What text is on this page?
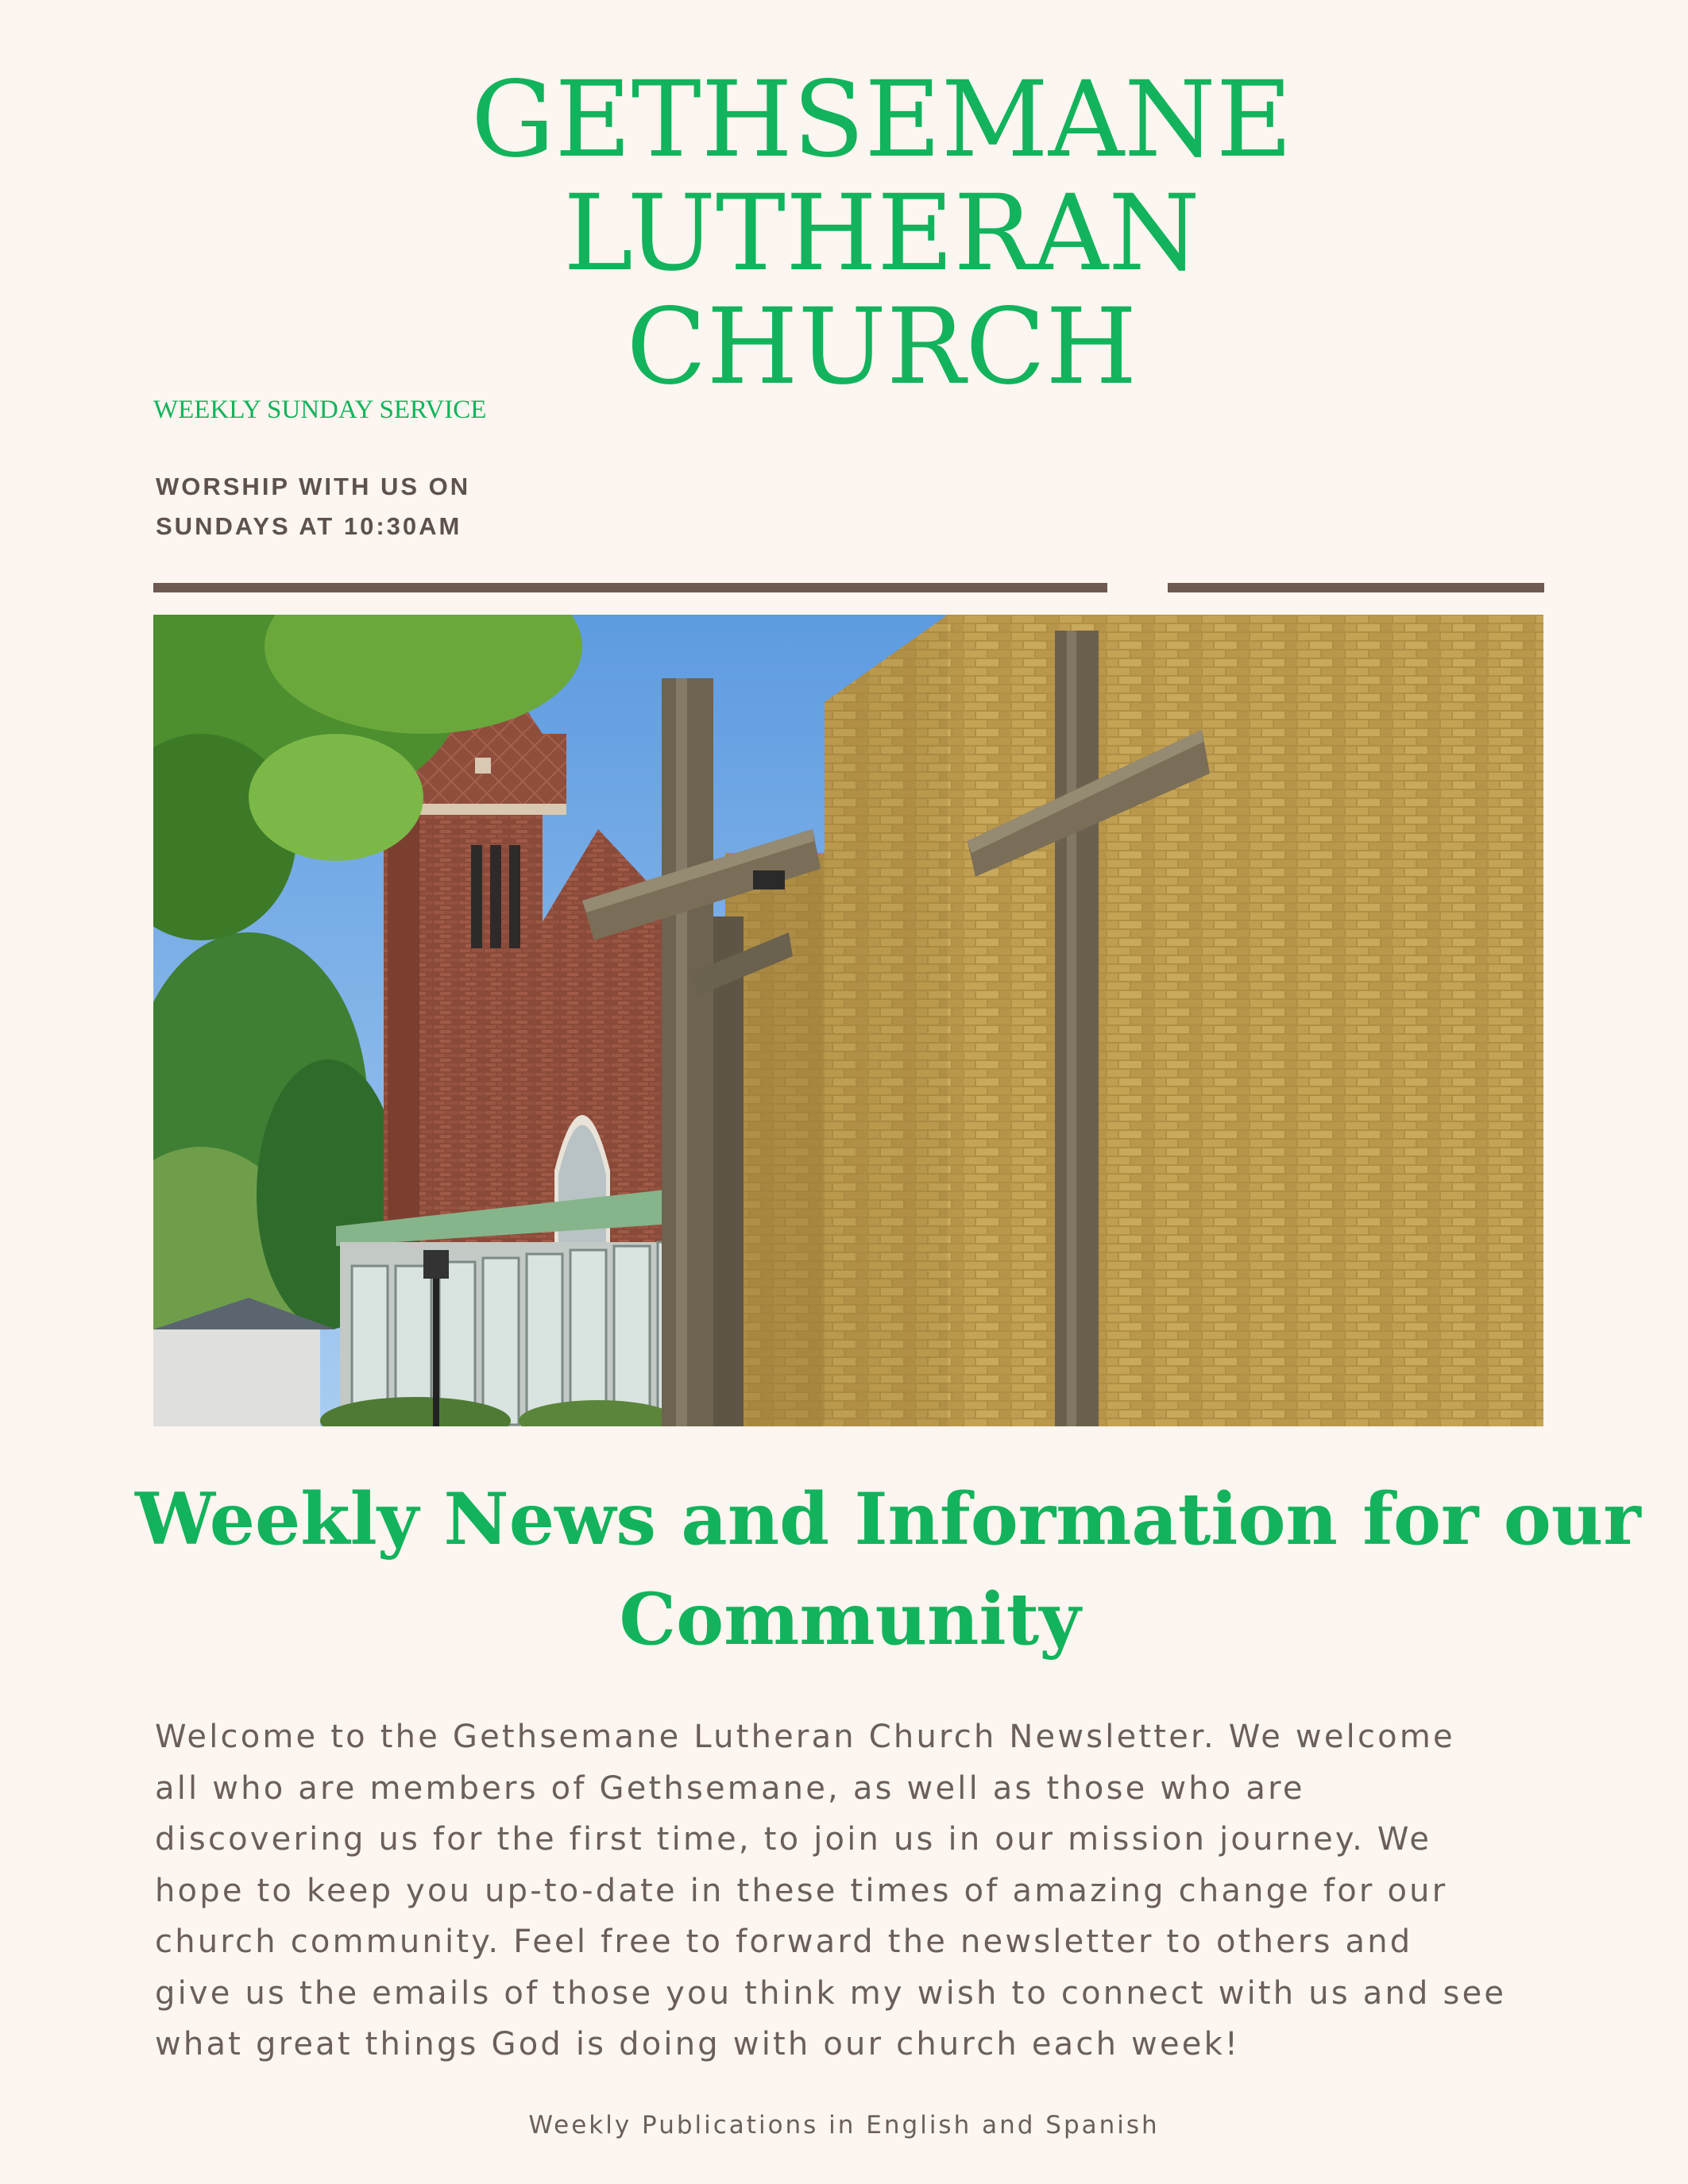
GETHSEMANE
LUTHERAN
CHURCH
WEEKLY SUNDAY SERVICE
WORSHIP WITH US ON
SUNDAYS AT 10:30AM
Weekly News and Information for our
Community
Welcome to the Gethsemane Lutheran Church Newsletter. We welcome
all who are members of Gethsemane, as well as those who are
discovering us for the first time, to join us in our mission journey. We
hope to keep you up-to-date in these times of amazing change for our
church community. Feel free to forward the newsletter to others and
give us the emails of those you think my wish to connect with us and see
what great things God is doing with our church each week!
Weekly Publications in English and Spanish
